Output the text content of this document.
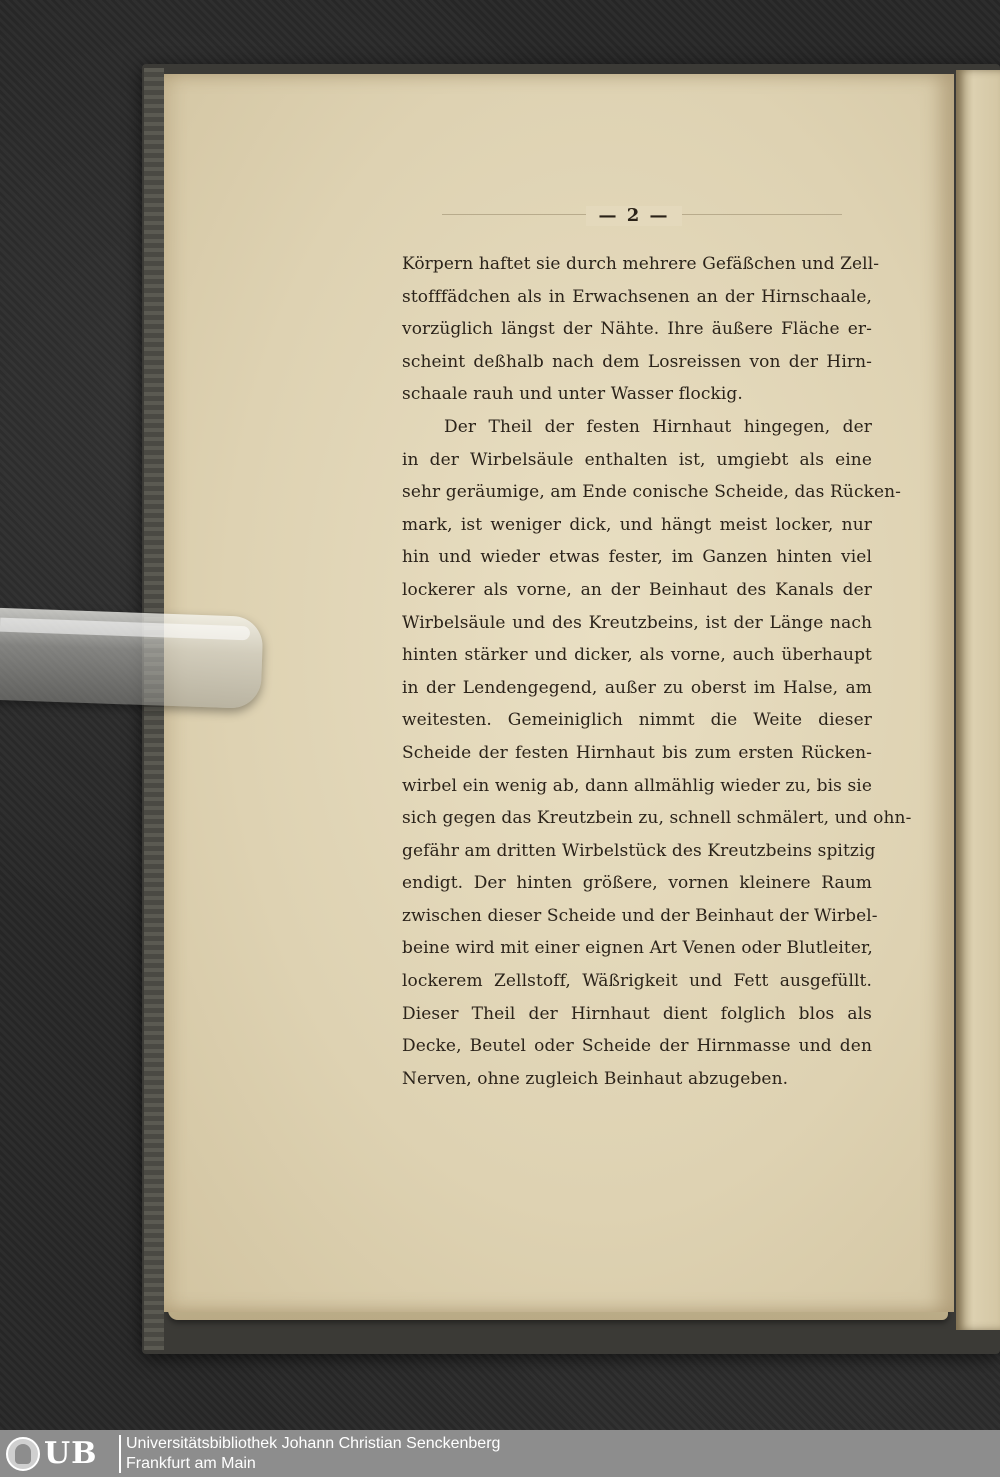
— 2 —
Körpern haftet sie durch mehrere Gefäßchen und Zell-
stofffädchen als in Erwachsenen an der Hirnschaale,
vorzüglich längst der Nähte. Ihre äußere Fläche er-
scheint deßhalb nach dem Losreissen von der Hirn-
schaale rauh und unter Wasser flockig.
Der Theil der festen Hirnhaut hingegen, der
in der Wirbelsäule enthalten ist, umgiebt als eine
sehr geräumige, am Ende conische Scheide, das Rücken-
mark, ist weniger dick, und hängt meist locker, nur
hin und wieder etwas fester, im Ganzen hinten viel
lockerer als vorne, an der Beinhaut des Kanals der
Wirbelsäule und des Kreutzbeins, ist der Länge nach
hinten stärker und dicker, als vorne, auch überhaupt
in der Lendengegend, außer zu oberst im Halse, am
weitesten. Gemeiniglich nimmt die Weite dieser
Scheide der festen Hirnhaut bis zum ersten Rücken-
wirbel ein wenig ab, dann allmählig wieder zu, bis sie
sich gegen das Kreutzbein zu, schnell schmälert, und ohn-
gefähr am dritten Wirbelstück des Kreutzbeins spitzig
endigt. Der hinten größere, vornen kleinere Raum
zwischen dieser Scheide und der Beinhaut der Wirbel-
beine wird mit einer eignen Art Venen oder Blutleiter,
lockerem Zellstoff, Wäßrigkeit und Fett ausgefüllt.
Dieser Theil der Hirnhaut dient folglich blos als
Decke, Beutel oder Scheide der Hirnmasse und den
Nerven, ohne zugleich Beinhaut abzugeben.
UB Universitätsbibliothek Johann Christian Senckenberg
Frankfurt am Main
